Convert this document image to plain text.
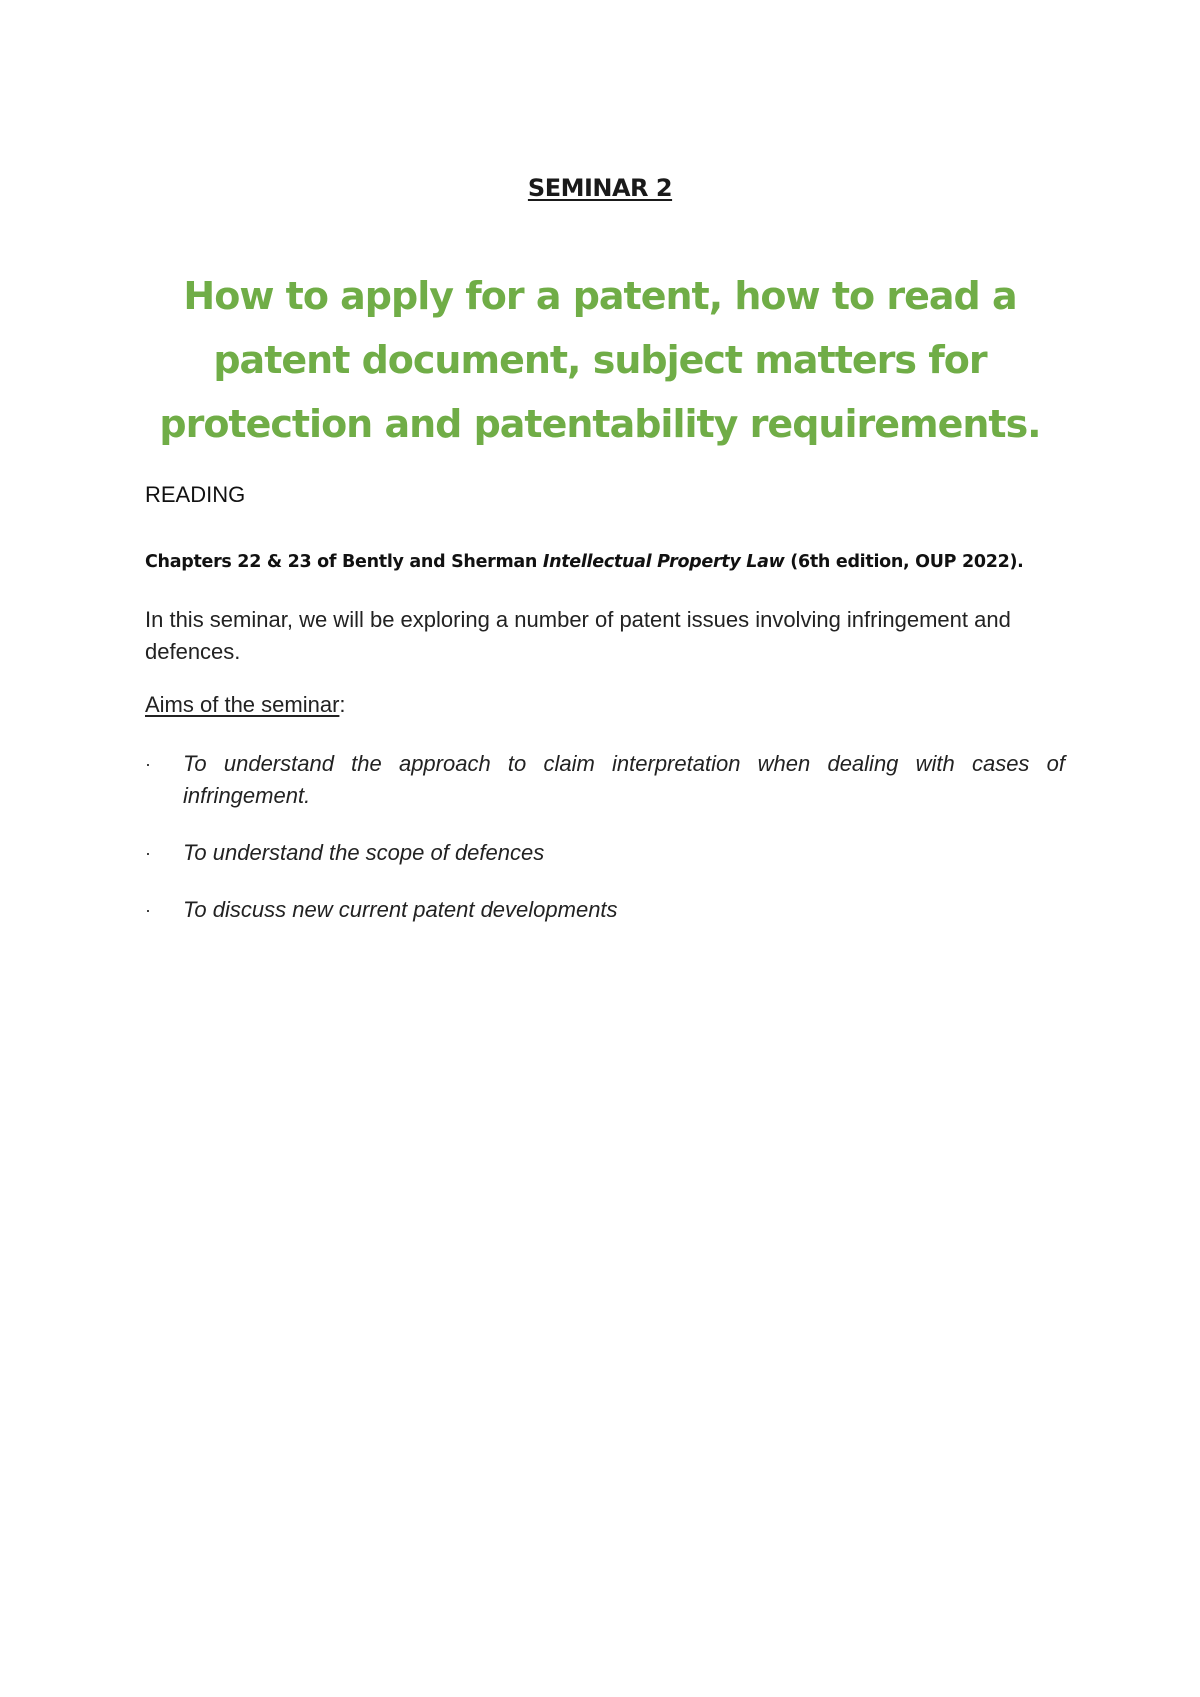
SEMINAR 2
How to apply for a patent, how to read a patent document, subject matters for protection and patentability requirements.
READING

Chapters 22 & 23 of Bently and Sherman Intellectual Property Law (6th edition, OUP 2022).

In this seminar, we will be exploring a number of patent issues involving infringement and defences.

Aims of the seminar:

· To understand the approach to claim interpretation when dealing with cases of infringement.
· To understand the scope of defences
· To discuss new current patent developments
